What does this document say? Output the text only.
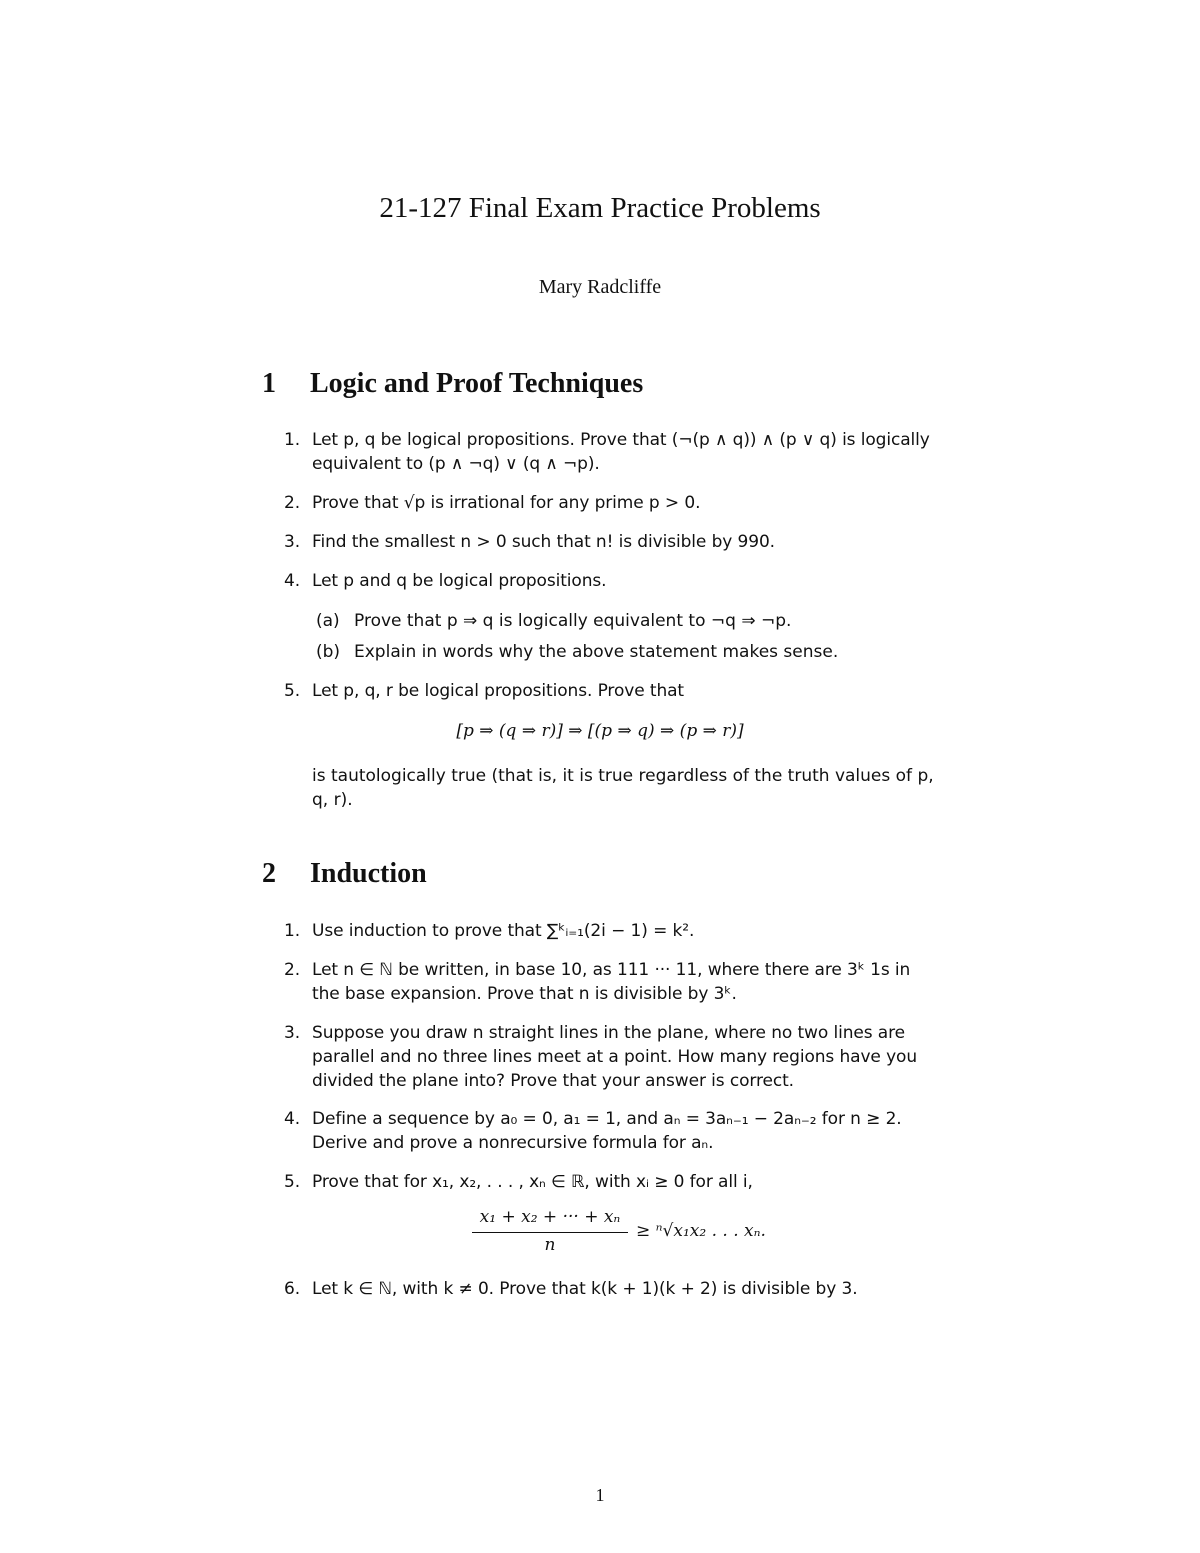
21-127 Final Exam Practice Problems
Mary Radcliffe
1 Logic and Proof Techniques
1. Let p, q be logical propositions. Prove that (¬(p ∧ q)) ∧ (p ∨ q) is logically equivalent to (p ∧ ¬q) ∨ (q ∧ ¬p).
2. Prove that √p is irrational for any prime p > 0.
3. Find the smallest n > 0 such that n! is divisible by 990.
4. Let p and q be logical propositions.
(a) Prove that p ⇒ q is logically equivalent to ¬q ⇒ ¬p.
(b) Explain in words why the above statement makes sense.
5. Let p, q, r be logical propositions. Prove that
[p ⇒ (q ⇒ r)] ⇒ [(p ⇒ q) ⇒ (p ⇒ r)]
is tautologically true (that is, it is true regardless of the truth values of p, q, r).
2 Induction
1. Use induction to prove that ∑ᵏᵢ₌₁(2i − 1) = k².
2. Let n ∈ ℕ be written, in base 10, as 111 ··· 11, where there are 3ᵏ 1s in the base expansion. Prove that n is divisible by 3ᵏ.
3. Suppose you draw n straight lines in the plane, where no two lines are parallel and no three lines meet at a point. How many regions have you divided the plane into? Prove that your answer is correct.
4. Define a sequence by a₀ = 0, a₁ = 1, and aₙ = 3aₙ₋₁ − 2aₙ₋₂ for n ≥ 2. Derive and prove a nonrecursive formula for aₙ.
5. Prove that for x₁, x₂, . . . , xₙ ∈ ℝ, with xᵢ ≥ 0 for all i,
x₁ + x₂ + ··· + xₙ
n
≥ ⁿ√x₁x₂ . . . xₙ.
6. Let k ∈ ℕ, with k ≠ 0. Prove that k(k + 1)(k + 2) is divisible by 3.
1
